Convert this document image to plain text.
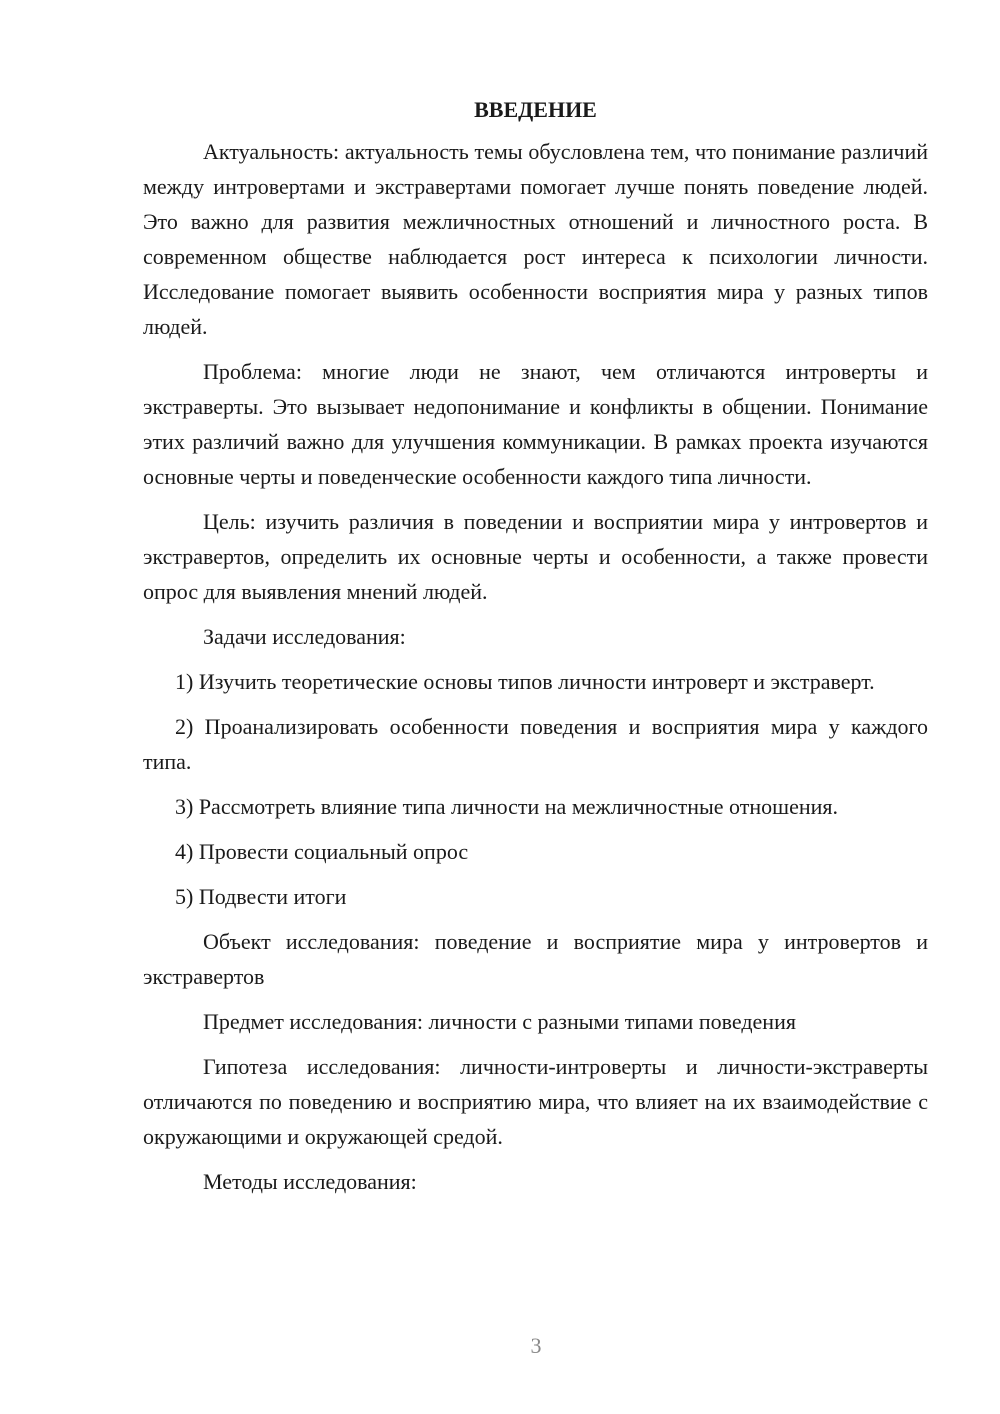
ВВЕДЕНИЕ

Актуальность: актуальность темы обусловлена тем, что понимание различий между интровертами и экстравертами помогает лучше понять поведение людей. Это важно для развития межличностных отношений и личностного роста. В современном обществе наблюдается рост интереса к психологии личности. Исследование помогает выявить особенности восприятия мира у разных типов людей.

Проблема: многие люди не знают, чем отличаются интроверты и экстраверты. Это вызывает недопонимание и конфликты в общении. Понимание этих различий важно для улучшения коммуникации. В рамках проекта изучаются основные черты и поведенческие особенности каждого типа личности.

Цель: изучить различия в поведении и восприятии мира у интровертов и экстравертов, определить их основные черты и особенности, а также провести опрос для выявления мнений людей.

Задачи исследования:

1) Изучить теоретические основы типов личности интроверт и экстраверт.

2) Проанализировать особенности поведения и восприятия мира у каждого типа.

3) Рассмотреть влияние типа личности на межличностные отношения.

4) Провести социальный опрос

5) Подвести итоги

Объект исследования: поведение и восприятие мира у интровертов и экстравертов

Предмет исследования: личности с разными типами поведения

Гипотеза исследования: личности-интроверты и личности-экстраверты отличаются по поведению и восприятию мира, что влияет на их взаимодействие с окружающими и окружающей средой.

Методы исследования:

3
